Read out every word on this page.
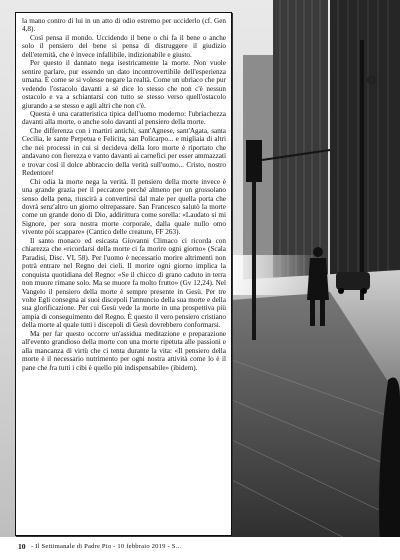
la mano contro di lui in un atto di odio estremo per ucciderlo (cf. Gen 4,8).

Così pensa il mondo. Uccidendo il bene o chi fa il bene o anche solo il pensiero del bene si pensa di distruggere il giudizio dell'eternità, che è invece infallibile, indizionabile e giusto.

Per questo il dannato nega isestricamente la morte. Non vuole sentire parlare, pur essendo un dato incontrovertibile dell'esperienza umana. È come se si volesse negare la realtà. Come un ubriaco che pur vedendo l'ostacolo davanti a sé dice lo stesso che non c'è nessun ostacolo e va a schiantarsi con tutto se stesso verso quell'ostacolo giurando a se stesso e agli altri che non c'è.

Questa è una caratteristica tipica dell'uomo moderno: l'ubriachezza davanti alla morte, o anche solo davanti al pensiero della morte.

Che differenza con i martiri antichi, sant'Agnese, sant'Agata, santa Cecilia, le sante Perpetua e Felicita, san Policarpo... e migliaia di altri che nei processi in cui si decideva della loro morte è riportato che andavano con fierezza e vanto davanti ai carnefici per esser ammazzati e trovar così il dolce abbraccio della verità sull'uomo... Cristo, nostro Redentore!

Chi odia la morte nega la verità. Il pensiero della morte invece è una grande grazia per il peccatore perché almeno per un grossolano senso della pena, riuscirà a convertirsi dal male per quella porta che dovrà senz'altro un giorno oltrepassare. San Francesco salutò la morte come un grande dono di Dio, addirittura come sorella: «Laudato si mi Signore, per sora nostra morte corporale, dalla quale nullo omo vivente pòi scappare» (Cantico delle creature, FF 263).

Il santo monaco ed esicasta Giovanni Climaco ci ricorda con chiarezza che «ricordarsi della morte ci fa morire ogni giorno» (Scala Paradisi, Disc. VI, 58). Per l'uomo è necessario morire altrimenti non potrà entrare nel Regno dei cieli. Il morire ogni giorno implica la conquista quotidiana del Regno: «Se il chicco di grano caduto in terra non muore rimane solo. Ma se muore fa molto frutto» (Gv 12,24). Nel Vangelo il pensiero della morte è sempre presente in Gesù. Per tre volte Egli consegna ai suoi discepoli l'annuncio della sua morte e della sua glorificazione. Per cui Gesù vede la morte in una prospettiva più ampia di conseguimento del Regno. È questo il vero pensiero cristiano della morte al quale tutti i discepoli di Gesù dovrebbero conformarsi.

Ma per far questo occorre un'assidua meditazione e preparazione all'evento grandioso della morte con una morte ripetuta alle passioni e alla mancanza di virtù che ci tenta durante la vita: «Il pensiero della morte è il necessario nutrimento per ogni nostra attività come lo è il pane che fra tutti i cibi è quello più indispensabile» (ibidem).

10 - Il Settimanale di Padre Pio - 10 febbraio 2019 - S...
